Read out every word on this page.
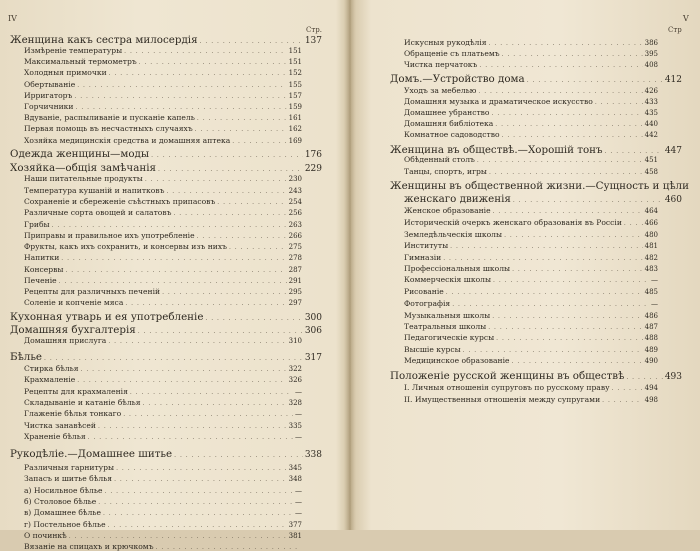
IV
Стр.
Женщина какъ сестра милосердія . . .	137
Измѣреніе температуры . . .	151
Максимальный термометръ . . .	151
Холодныя примочки . . .	152
Обертываніе . . .	155
Ирригаторъ . . .	157
Горчичники . . .	159
Вдуваніе, распыливаніе и пусканіе капель . . .	161
Первая помощь въ несчастныхъ случаяхъ . . .	162
Хозяйка медицинскія средства и домашняя аптека . . .	169
Одежда женщины—моды . . .	176
Хозяйка—общія замѣчанія . . .	229
Наши питательные продукты . . .	230
Температура кушаній и напитковъ . . .	243
Сохраненіе и сбереженіе съѣстныхъ припасовъ . . .	254
Различные сорта овощей и салатовъ . . .	256
Грибы . . .	263
Приправы и правильное ихъ употребленіе . . .	266
Фрукты, какъ ихъ сохранить, и консервы изъ нихъ . . .	275
Напитки . . .	278
Консервы . . .	287
Печеніе . . .	291
Рецепты для различныхъ печеній . . .	295
Соленіе и копченіе мяса . . .	297
Кухонная утварь и ея употребленіе . . .	300
Домашняя бухгалтерія . . .	306
Домашняя прислуга . . .	310
Бѣлье . . .	317
Стирка бѣлья . . .	322
Крахмаленіе . . .	326
Рецепты для крахмаленія . . .	—
Складываніе и катаніе бѣлья . . .	328
Глаженіе бѣлья тонкаго . . .	—
Чистка занавѣсей . . .	335
Храненіе бѣлья . . .	—
Рукодѣліе.—Домашнее шитье . . .	338
Различныя гарнитуры . . .	345
Запасъ и шитье бѣлья . . .	348
a) Носильное бѣлье . . .	—
б) Столовое бѣлье . . .	—
в) Домашнее бѣлье . . .	—
г) Постельное бѣлье . . .	377
О починкѣ . . .	381
Вязаніе на спицахъ и крючкомъ
. . .
V
Стр
Искусныя рукодѣлія . . .	386
Обращеніе съ платьемъ . . .	395
Чистка перчатокъ . . .	408
Домъ.—Устройство дома . . .	412
Уходъ за мебелью . . .	426
Домашняя музыка и драматическое искусство . . .	433
Домашнее убранство . . .	435
Домашняя библіотека . . .	440
Комнатное садоводство . . .	442
Женщина въ обществѣ.—Хорошій тонъ . . .	447
Обѣденный столъ . . .	451
Танцы, спортъ, игры . . .	458
Женщины въ общественной жизни.—Сущность и цѣли
женскаго движенія . . .	460
Женское образованіе . . .	464
Историческій очеркъ женскаго образованія въ Россіи . . .	466
Земледѣльческія школы . . .	480
Институты . . .	481
Гимназіи . . .	482
Профессіональныя школы . . .	483
Коммерческія школы . . .	—
Рисованіе . . .	485
Фотографія . . .	—
Музыкальныя школы . . .	486
Театральныя школы . . .	487
Педагогическіе курсы . . .	488
Высшіе курсы . . .	489
Медицинское образованіе . . .	490
Положеніе русской женщины въ обществѣ . . .	493
I. Личныя отношенія супруговъ по русскому праву . . .	494
II. Имущественныя отношенія между супругами . . .	498
